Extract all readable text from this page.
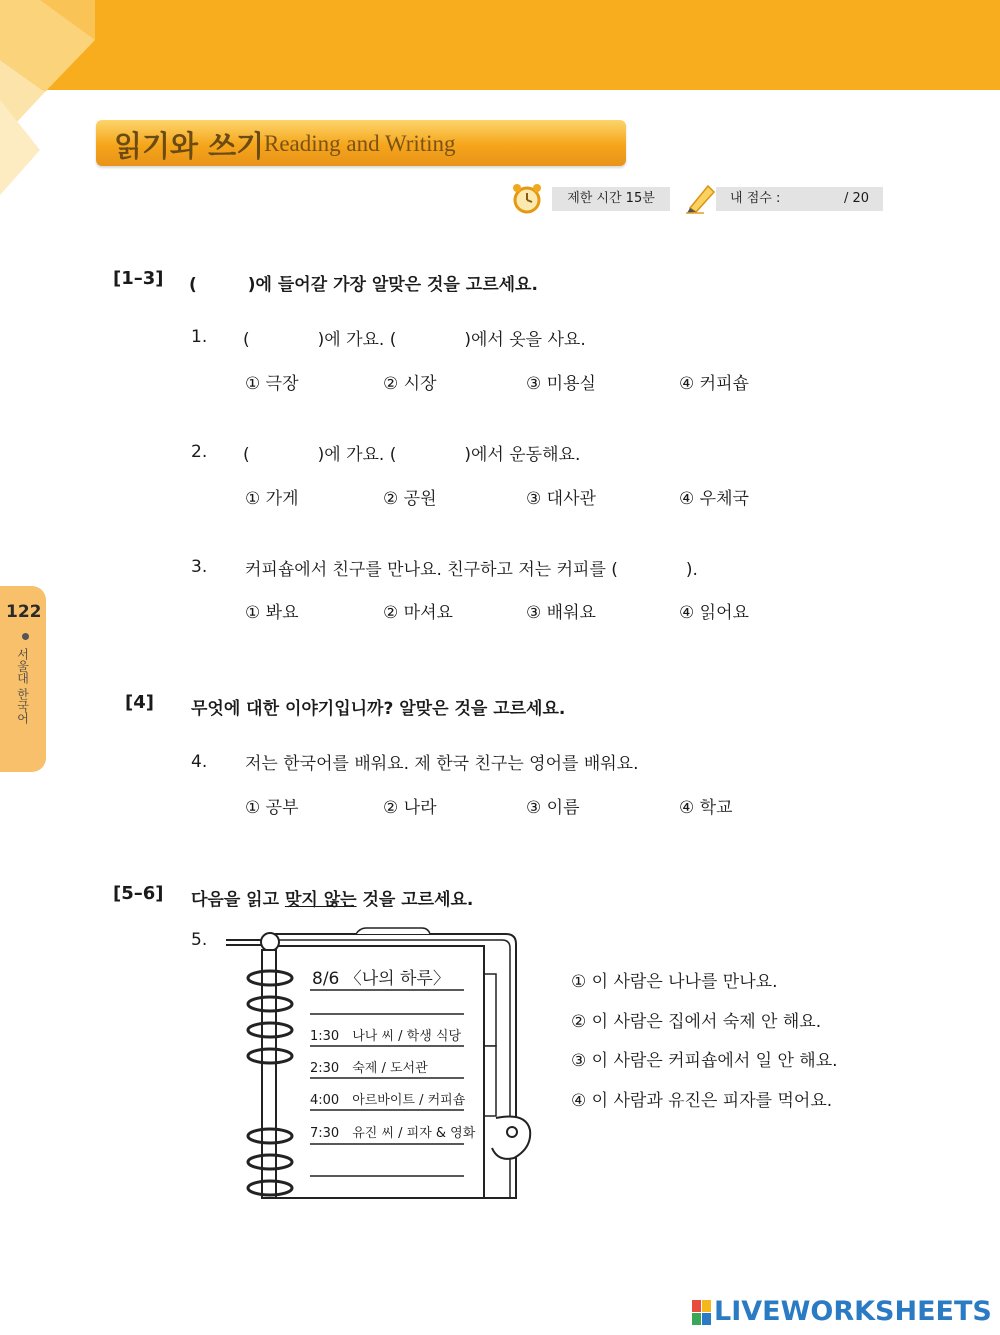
읽기와 쓰기 Reading and Writing
제한 시간 15분	내 점수 :	/ 20
122
서울대 한국어
[1–3] (　　　)에 들어갈 가장 알맞은 것을 고르세요.
1. (　　　　)에 가요. (　　　　)에서 옷을 사요.
① 극장	② 시장	③ 미용실	④ 커피숍
2. (　　　　)에 가요. (　　　　)에서 운동해요.
① 가게	② 공원	③ 대사관	④ 우체국
3. 커피숍에서 친구를 만나요. 친구하고 저는 커피를 (　　　　).
① 봐요	② 마셔요	③ 배워요	④ 읽어요
[4] 무엇에 대한 이야기입니까? 알맞은 것을 고르세요.
4. 저는 한국어를 배워요. 제 한국 친구는 영어를 배워요.
① 공부	② 나라	③ 이름	④ 학교
[5–6] 다음을 읽고 맞지 않는 것을 고르세요.
5.
8/6 〈나의 하루〉
1:30　나나 씨 / 학생 식당
2:30　숙제 / 도서관
4:00　아르바이트 / 커피숍
7:30　유진 씨 / 피자 & 영화
① 이 사람은 나나를 만나요.
② 이 사람은 집에서 숙제 안 해요.
③ 이 사람은 커피숍에서 일 안 해요.
④ 이 사람과 유진은 피자를 먹어요.
LIVEWORKSHEETS
